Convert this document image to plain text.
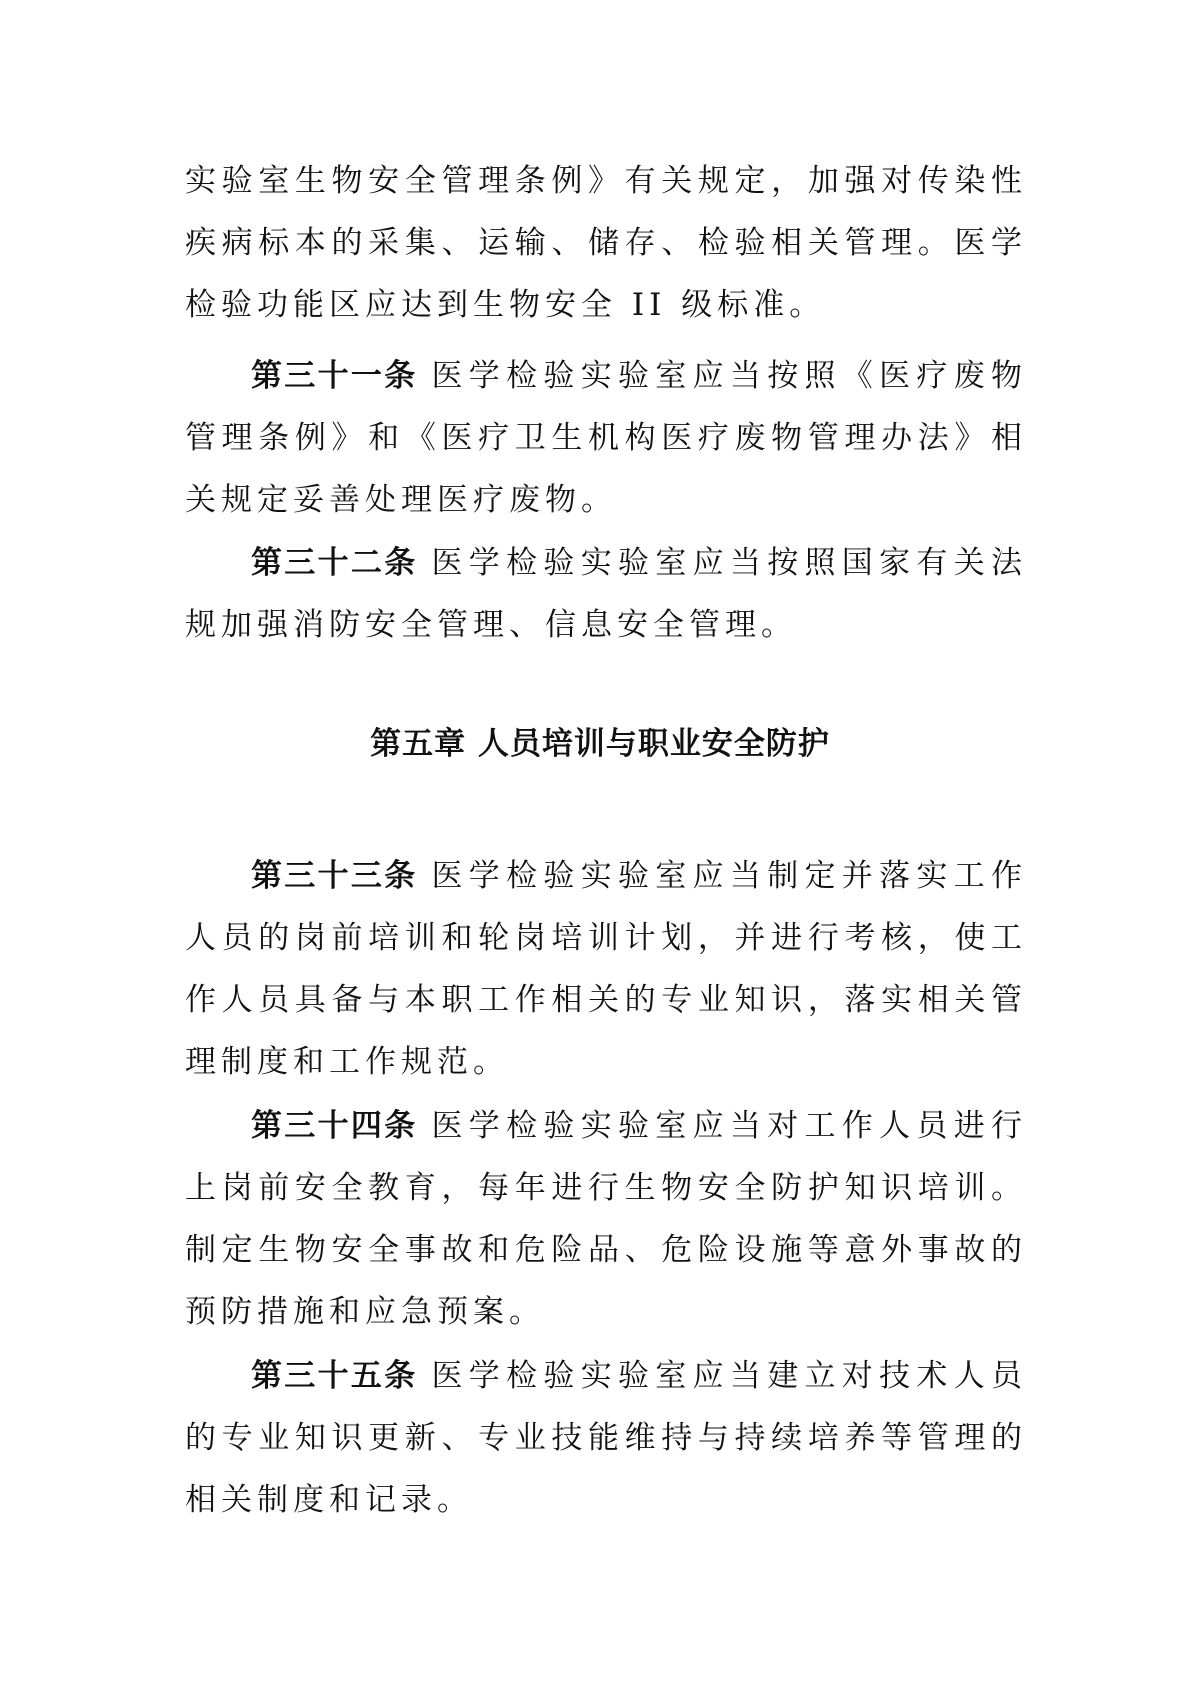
实验室生物安全管理条例》有关规定，加强对传染性疾病标本的采集、运输、储存、检验相关管理。医学检验功能区应达到生物安全 II 级标准。

第三十一条 医学检验实验室应当按照《医疗废物管理条例》和《医疗卫生机构医疗废物管理办法》相关规定妥善处理医疗废物。

第三十二条 医学检验实验室应当按照国家有关法规加强消防安全管理、信息安全管理。

第五章 人员培训与职业安全防护

第三十三条 医学检验实验室应当制定并落实工作人员的岗前培训和轮岗培训计划，并进行考核，使工作人员具备与本职工作相关的专业知识，落实相关管理制度和工作规范。

第三十四条 医学检验实验室应当对工作人员进行上岗前安全教育，每年进行生物安全防护知识培训。制定生物安全事故和危险品、危险设施等意外事故的预防措施和应急预案。

第三十五条 医学检验实验室应当建立对技术人员的专业知识更新、专业技能维持与持续培养等管理的相关制度和记录。
